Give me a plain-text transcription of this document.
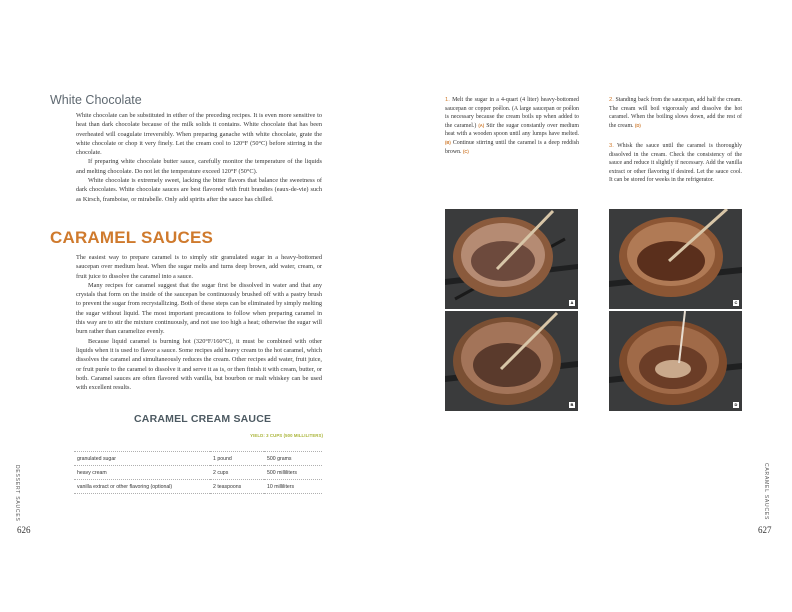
White Chocolate

White chocolate can be substituted in either of the preceding recipes. It is even more sensitive to heat than dark chocolate because of the milk solids it contains. White chocolate that has been overheated will coagulate irreversibly. When preparing ganache with white chocolate, grate the white chocolate or chop it very finely. Let the cream cool to 120°F (50°C) before stirring in the chocolate.

If preparing white chocolate butter sauce, carefully monitor the temperature of the liquids and melting chocolate. Do not let the temperature exceed 120°F (50°C).

White chocolate is extremely sweet, lacking the bitter flavors that balance the sweetness of dark chocolates. White chocolate sauces are best flavored with fruit brandies (eaux-de-vie) such as Kirsch, framboise, or mirabelle. Only add spirits after the sauce has chilled.

CARAMEL SAUCES

The easiest way to prepare caramel is to simply stir granulated sugar in a heavy-bottomed saucepan over medium heat. When the sugar melts and turns deep brown, add water, cream, or fruit juice to dissolve the caramel into a sauce.

Many recipes for caramel suggest that the sugar first be dissolved in water and that any crystals that form on the inside of the saucepan be continuously brushed off with a pastry brush to prevent the sugar from recrystallizing. Both of these steps can be eliminated by simply melting the sugar without liquid. The most important precautions to follow when preparing caramel in this way are to stir the mixture continuously, and not use too high a heat; otherwise the sugar will burn rather than caramelize evenly.

Because liquid caramel is burning hot (320°F/160°C), it must be combined with other liquids when it is used to flavor a sauce. Some recipes add heavy cream to the hot caramel, which dissolves the caramel and simultaneously reduces the cream. Other recipes add water, fruit juice, or fruit purée to the caramel to dissolve it and serve it as is, or then finish it with cream, butter, or both. Caramel sauces are often flavored with vanilla, but bourbon or malt whiskey can be used with excellent results.

CARAMEL CREAM SAUCE
YIELD: 3 CUPS (500 MILLILITERS)
granulated sugar	1 pound	500 grams
heavy cream	2 cups	500 milliliters
vanilla extract or other flavoring (optional)	2 teaspoons	10 milliliters
DESSERT SAUCES
626
1. Melt the sugar in a 4-quart (4 liter) heavy-bottomed saucepan or copper poêlon. (A large saucepan or poêlon is necessary because the cream boils up when added to the caramel.) (A) Stir the sugar constantly over medium heat with a wooden spoon until any lumps have melted. (B) Continue stirring until the caramel is a deep reddish brown. (C)
2. Standing back from the saucepan, add half the cream. The cream will boil vigorously and dissolve the hot caramel. When the boiling slows down, add the rest of the cream. (D)
3. Whisk the sauce until the caramel is thoroughly dissolved in the cream. Check the consistency of the sauce and reduce it slightly if necessary. Add the vanilla extract or other flavoring if desired. Let the sauce cool. It can be stored for weeks in the refrigerator.
A
B
C
D
CARAMEL SAUCES
627
